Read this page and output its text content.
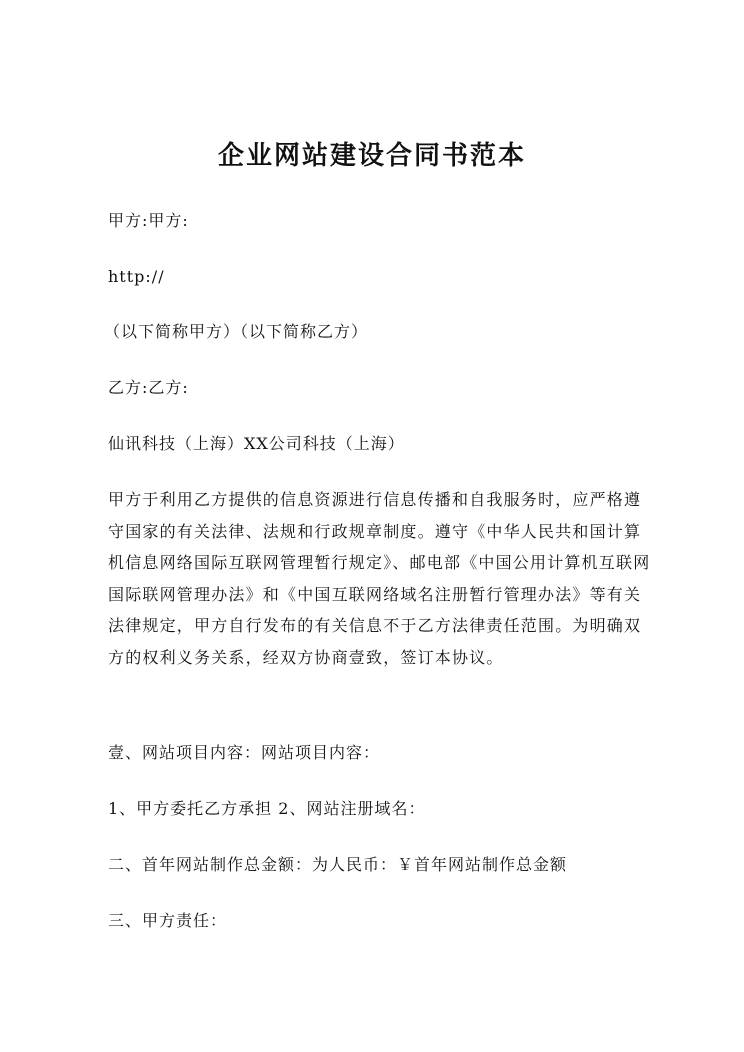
企业网站建设合同书范本

甲方:甲方:

http://

（以下简称甲方）（以下简称乙方）

乙方:乙方:

仙讯科技（上海）XX公司科技（上海）

甲方于利用乙方提供的信息资源进行信息传播和自我服务时，应严格遵
守国家的有关法律、法规和行政规章制度。遵守《中华人民共和国计算
机信息网络国际互联网管理暂行规定》、邮电部《中国公用计算机互联网
国际联网管理办法》和《中国互联网络域名注册暂行管理办法》等有关
法律规定，甲方自行发布的有关信息不于乙方法律责任范围。为明确双
方的权利义务关系，经双方协商壹致，签订本协议。

壹、网站项目内容：网站项目内容：

1、甲方委托乙方承担 2、网站注册域名：

二、首年网站制作总金额：为人民币：￥首年网站制作总金额

三、甲方责任：
